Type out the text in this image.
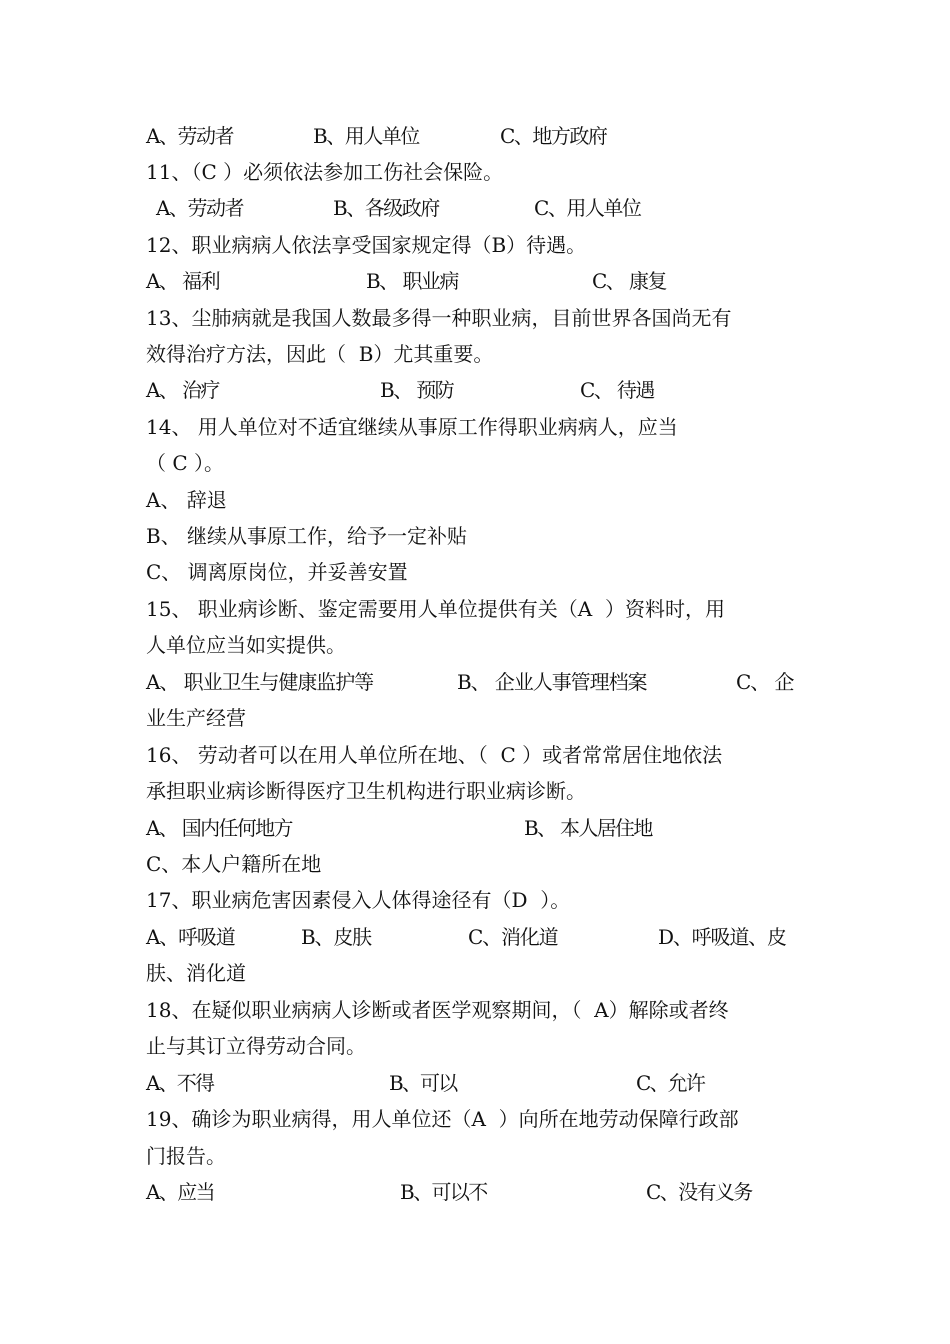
A、劳动者

	B、用人单位

	C、地方政府

11、（C ）必须依法参加工伤社会保险。

A、劳动者

	B、各级政府

	C、用人单位

12、职业病病人依法享受国家规定得（B）待遇。

A、 福利

	B、 职业病

	C、 康复

13、尘肺病就是我国人数最多得一种职业病，目前世界各国尚无有
效得治疗方法，因此（  B）尤其重要。

A、 治疗

	B、 预防

	C、 待遇

14、 用人单位对不适宜继续从事原工作得职业病病人，应当
（ C ）。
A、 辞退
B、 继续从事原工作，给予一定补贴
C、 调离原岗位，并妥善安置
15、 职业病诊断、鉴定需要用人单位提供有关（A  ）资料时，用
人单位应当如实提供。

A、 职业卫生与健康监护等

	B、 企业人事管理档案

	C、 企

业生产经营
16、 劳动者可以在用人单位所在地、（  C ）或者常常居住地依法
承担职业病诊断得医疗卫生机构进行职业病诊断。

A、 国内任何地方

	B、 本人居住地

C、本人户籍所在地
17、职业病危害因素侵入人体得途径有（D  ）。

A、呼吸道

	B、皮肤

	C、消化道

	D、呼吸道、皮

肤、消化道
18、在疑似职业病病人诊断或者医学观察期间，（  A）解除或者终
止与其订立得劳动合同。

A、不得

	B、可以

	C、允许

19、确诊为职业病得，用人单位还（A  ）向所在地劳动保障行政部
门报告。

A、应当

	B、可以不

	C、没有义务
